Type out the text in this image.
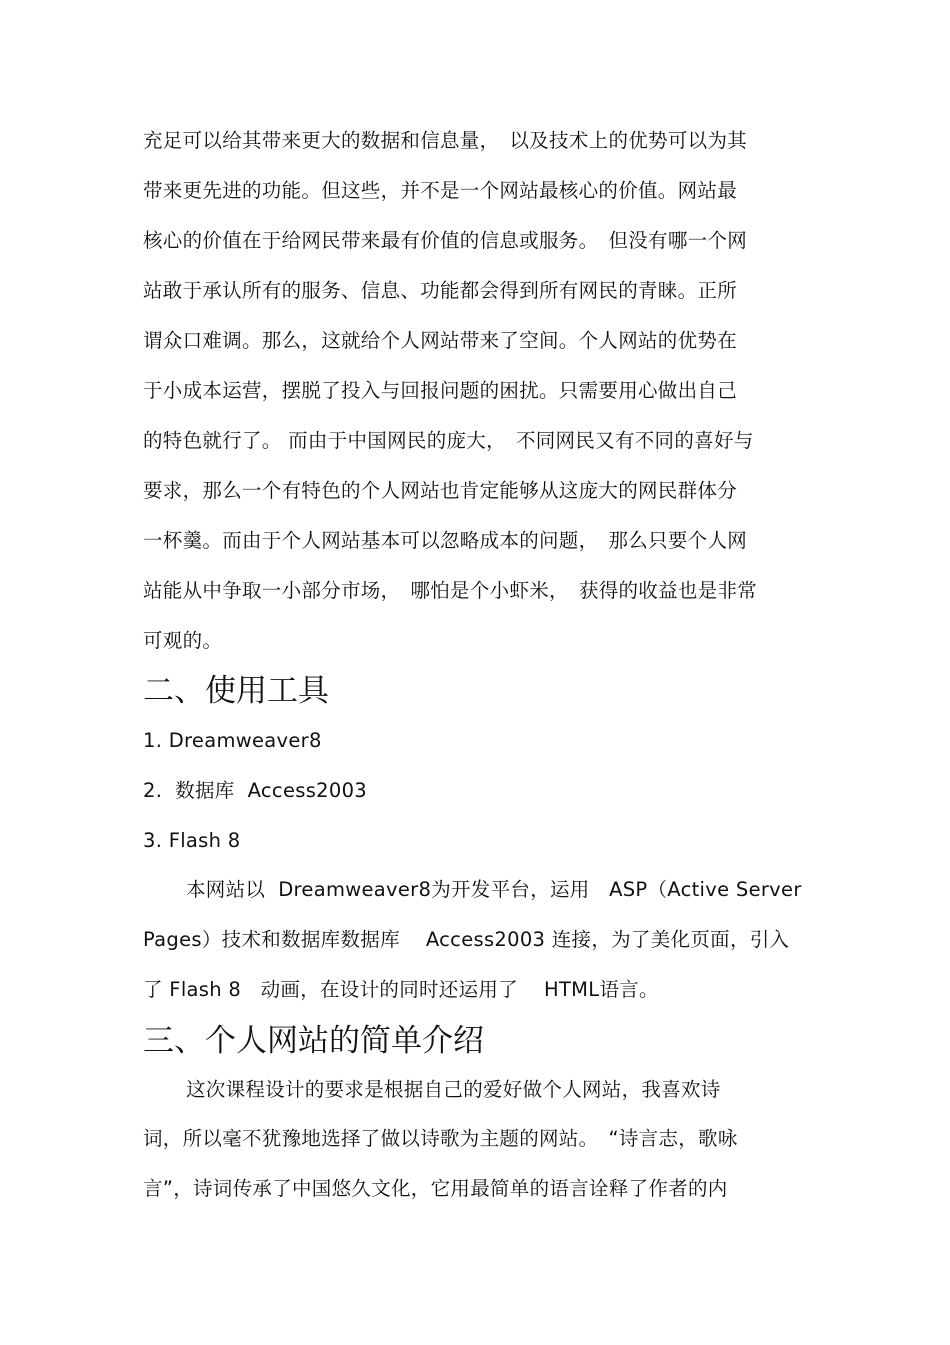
充足可以给其带来更大的数据和信息量，　以及技术上的优势可以为其
带来更先进的功能。但这些，并不是一个网站最核心的价值。网站最
核心的价值在于给网民带来最有价值的信息或服务。　但没有哪一个网
站敢于承认所有的服务、信息、功能都会得到所有网民的青睐。正所
谓众口难调。那么，这就给个人网站带来了空间。个人网站的优势在
于小成本运营，摆脱了投入与回报问题的困扰。只需要用心做出自己
的特色就行了。 而由于中国网民的庞大，　不同网民又有不同的喜好与
要求，那么一个有特色的个人网站也肯定能够从这庞大的网民群体分
一杯羹。而由于个人网站基本可以忽略成本的问题，　那么只要个人网
站能从中争取一小部分市场，　哪怕是个小虾米，　获得的收益也是非常
可观的。
二、使用工具
1. Dreamweaver8
2.  数据库  Access2003
3. Flash 8
本网站以  Dreamweaver8为开发平台，运用   ASP（Active Server
Pages）技术和数据库数据库    Access2003 连接，为了美化页面，引入
了 Flash 8   动画，在设计的同时还运用了    HTML语言。
三、个人网站的简单介绍
这次课程设计的要求是根据自己的爱好做个人网站，我喜欢诗
词，所以毫不犹豫地选择了做以诗歌为主题的网站。　“诗言志，歌咏
言”，诗词传承了中国悠久文化，它用最简单的语言诠释了作者的内
